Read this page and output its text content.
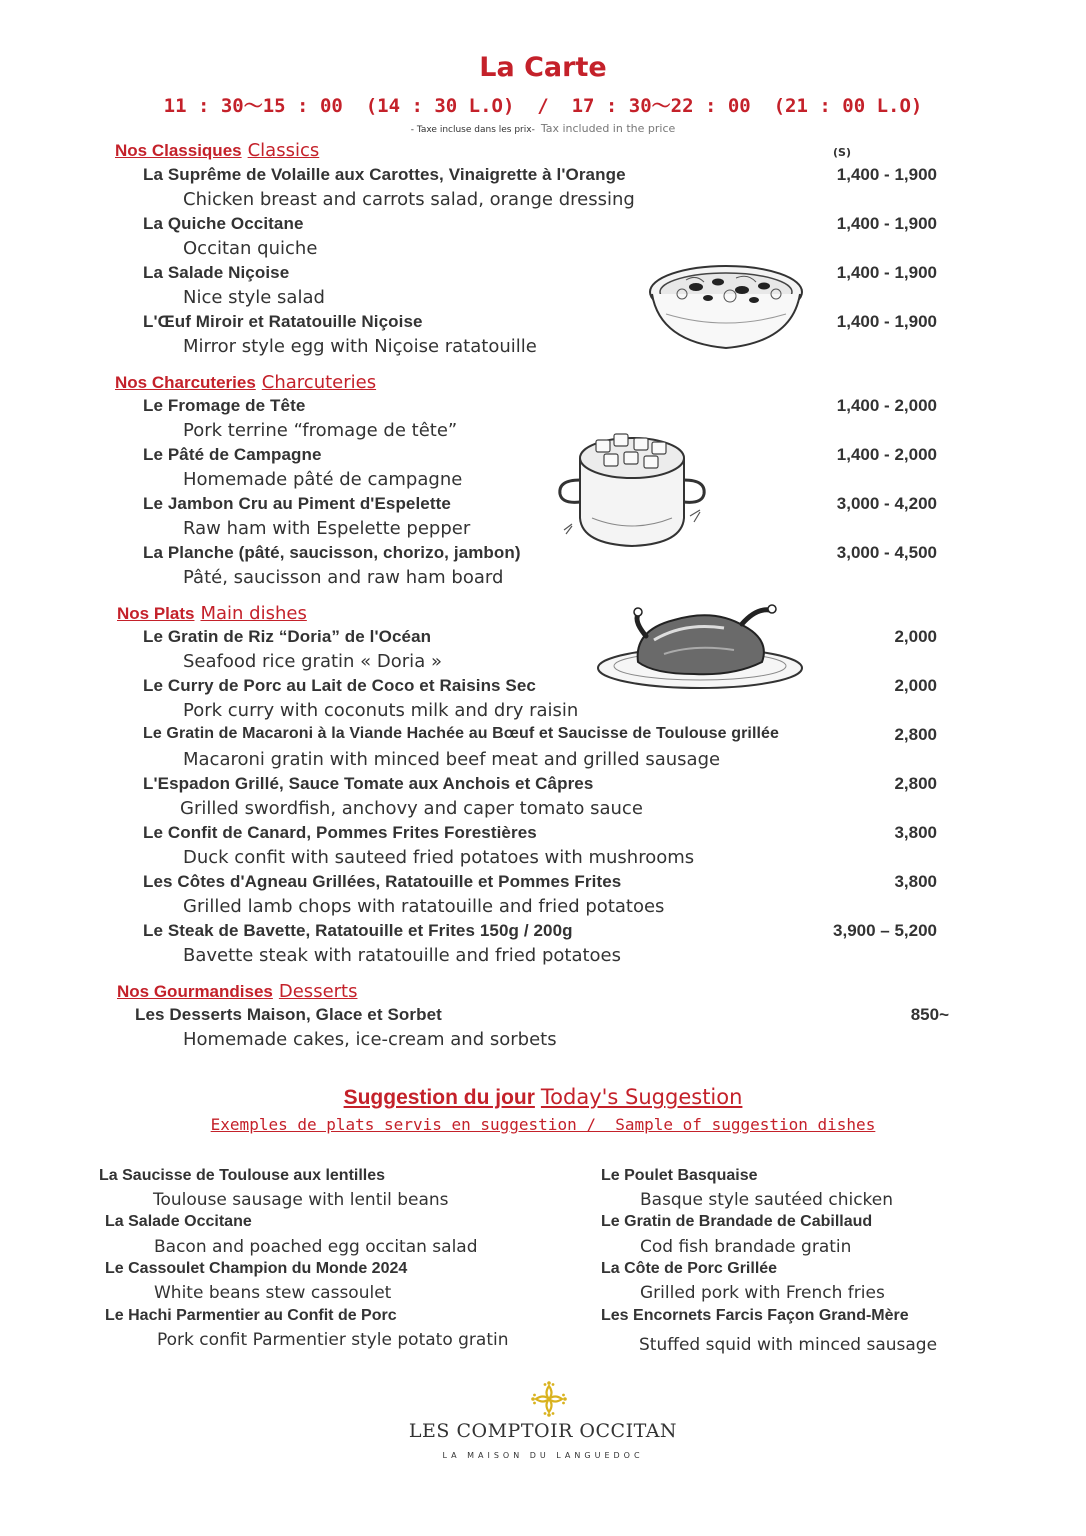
La Carte
11 : 30〜15 : 00  (14 : 30 L.O)  /  17 : 30〜22 : 00  (21 : 00 L.O)
- Taxe incluse dans les prix- Tax included in the price
(S)
Nos Classiques Classics
La Suprême de Volaille aux Carottes, Vinaigrette à l'Orange	1,400 - 1,900
Chicken breast and carrots salad, orange dressing
La Quiche Occitane	1,400 - 1,900
Occitan quiche
La Salade Niçoise	1,400 - 1,900
Nice style salad
L'Œuf Miroir et Ratatouille Niçoise	1,400 - 1,900
Mirror style egg with Niçoise ratatouille
Nos Charcuteries Charcuteries
Le Fromage de Tête	1,400 - 2,000
Pork terrine “fromage de tête”
Le Pâté de Campagne	1,400 - 2,000
Homemade pâté de campagne
Le Jambon Cru au Piment d'Espelette	3,000 - 4,200
Raw ham with Espelette pepper
La Planche (pâté, saucisson, chorizo, jambon)	3,000 - 4,500
Pâté, saucisson and raw ham board
Nos Plats Main dishes
Le Gratin de Riz “Doria” de l'Océan	2,000
Seafood rice gratin « Doria »
Le Curry de Porc au Lait de Coco et Raisins Sec	2,000
Pork curry with coconuts milk and dry raisin
Le Gratin de Macaroni à la Viande Hachée au Bœuf et Saucisse de Toulouse grillée	2,800
Macaroni gratin with minced beef meat and grilled sausage
L'Espadon Grillé, Sauce Tomate aux Anchois et Câpres	2,800
Grilled swordfish, anchovy and caper tomato sauce
Le Confit de Canard, Pommes Frites Forestières	3,800
Duck confit with sauteed fried potatoes with mushrooms
Les Côtes d'Agneau Grillées, Ratatouille et Pommes Frites	3,800
Grilled lamb chops with ratatouille and fried potatoes
Le Steak de Bavette, Ratatouille et Frites 150g / 200g	3,900 – 5,200
Bavette steak with ratatouille and fried potatoes
Nos Gourmandises Desserts
Les Desserts Maison, Glace et Sorbet	850~
Homemade cakes, ice-cream and sorbets
Suggestion du jour Today's Suggestion
Exemples de plats servis en suggestion /  Sample of suggestion dishes
La Saucisse de Toulouse aux lentilles
Toulouse sausage with lentil beans
La Salade Occitane
Bacon and poached egg occitan salad
Le Cassoulet Champion du Monde 2024
White beans stew cassoulet
Le Hachi Parmentier au Confit de Porc
Pork confit Parmentier style potato gratin
Le Poulet Basquaise
Basque style sautéed chicken
Le Gratin de Brandade de Cabillaud
Cod fish brandade gratin
La Côte de Porc Grillée
Grilled pork with French fries
Les Encornets Farcis Façon Grand-Mère
Stuffed squid with minced sausage
LES COMPTOIR OCCITAN
LA MAISON DU LANGUEDOC
